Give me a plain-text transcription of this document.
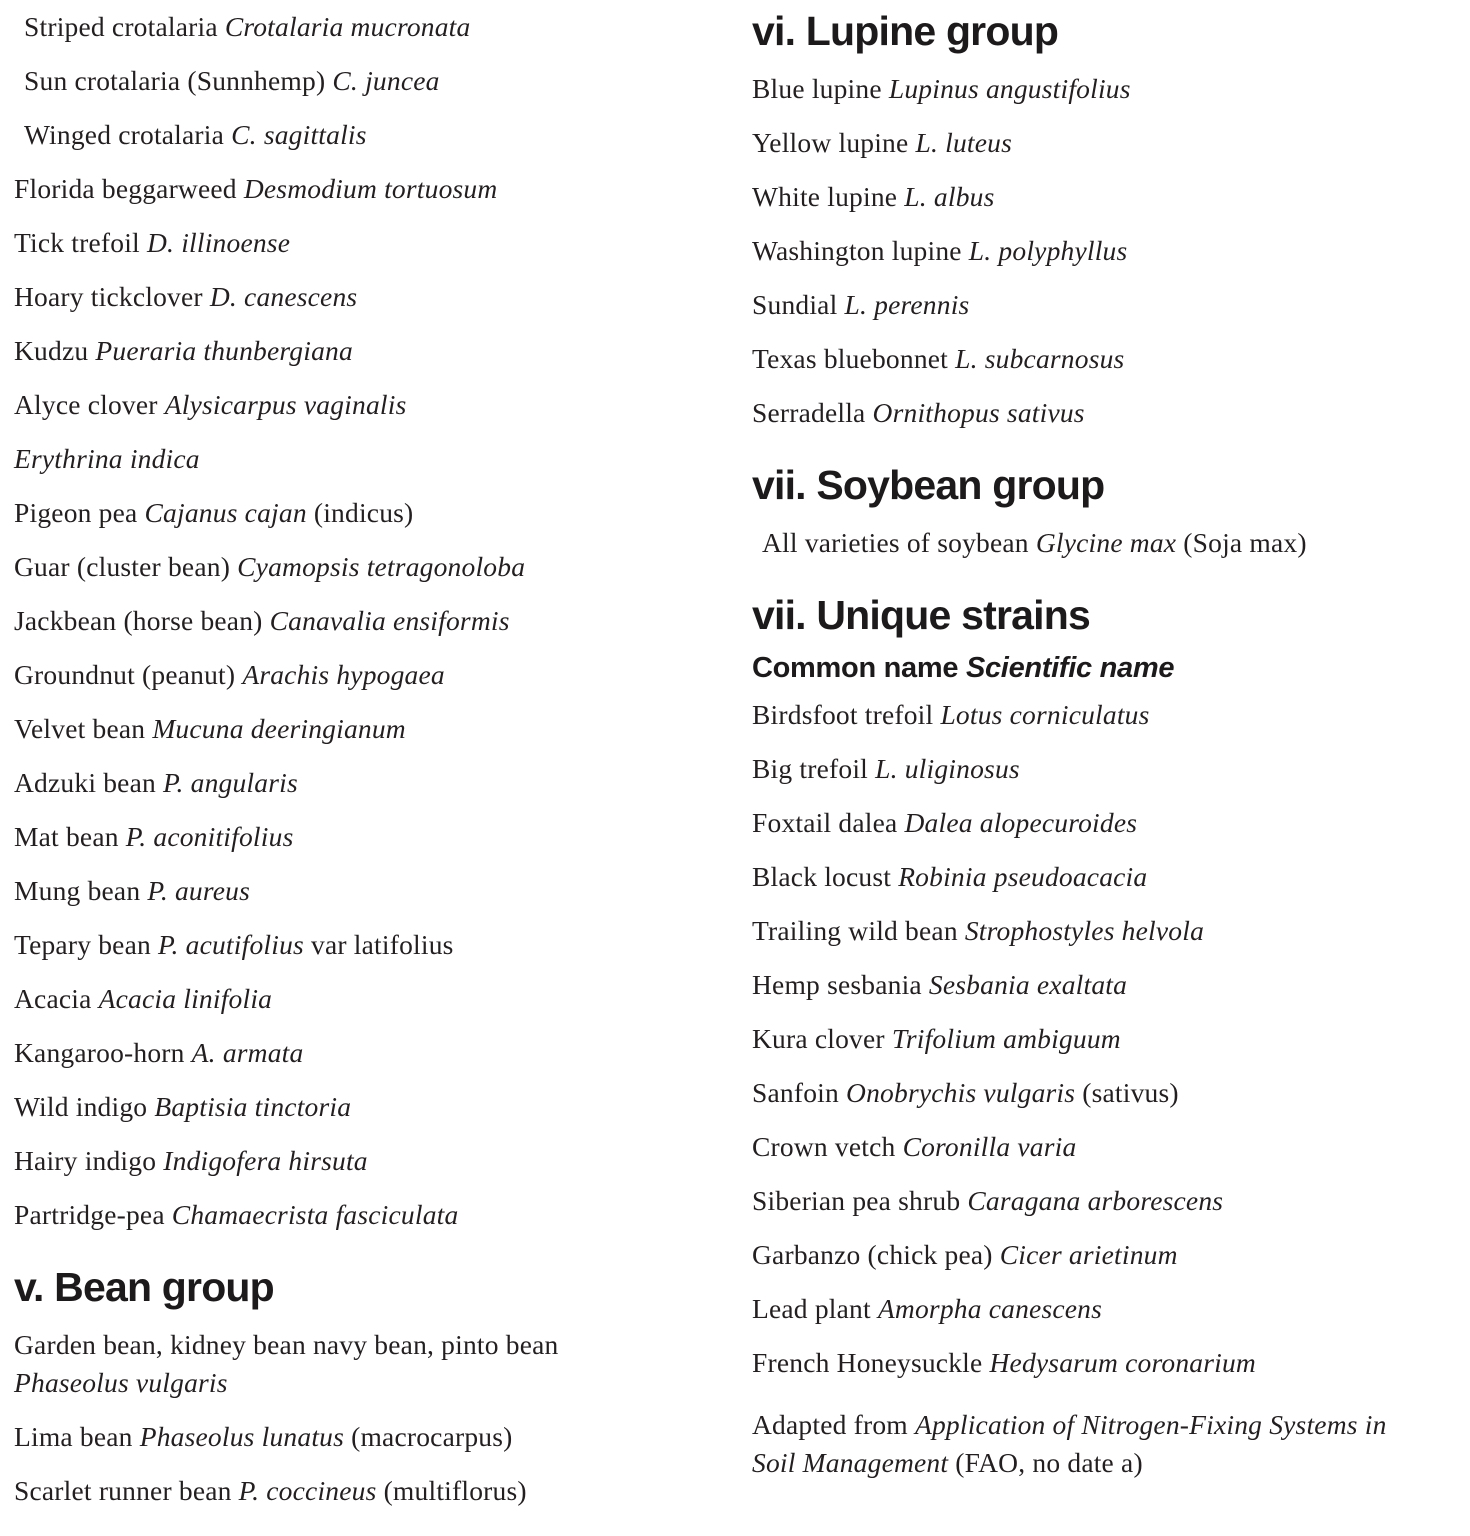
Striped crotalaria Crotalaria mucronata
Sun crotalaria (Sunnhemp) C. juncea
Winged crotalaria C. sagittalis
Florida beggarweed Desmodium tortuosum
Tick trefoil D. illinoense
Hoary tickclover D. canescens
Kudzu Pueraria thunbergiana
Alyce clover Alysicarpus vaginalis
Erythrina indica
Pigeon pea Cajanus cajan (indicus)
Guar (cluster bean) Cyamopsis tetragonoloba
Jackbean (horse bean) Canavalia ensiformis
Groundnut (peanut) Arachis hypogaea
Velvet bean Mucuna deeringianum
Adzuki bean P. angularis
Mat bean P. aconitifolius
Mung bean P. aureus
Tepary bean P. acutifolius var latifolius
Acacia Acacia linifolia
Kangaroo-horn A. armata
Wild indigo Baptisia tinctoria
Hairy indigo Indigofera hirsuta
Partridge-pea Chamaecrista fasciculata
v. Bean group
Garden bean, kidney bean navy bean, pinto bean
Phaseolus vulgaris
Lima bean Phaseolus lunatus (macrocarpus)
Scarlet runner bean P. coccineus (multiflorus)
vi. Lupine group
Blue lupine Lupinus angustifolius
Yellow lupine L. luteus
White lupine L. albus
Washington lupine L. polyphyllus
Sundial L. perennis
Texas bluebonnet L. subcarnosus
Serradella Ornithopus sativus
vii. Soybean group
All varieties of soybean Glycine max (Soja max)
vii. Unique strains
Common name Scientific name
Birdsfoot trefoil Lotus corniculatus
Big trefoil L. uliginosus
Foxtail dalea Dalea alopecuroides
Black locust Robinia pseudoacacia
Trailing wild bean Strophostyles helvola
Hemp sesbania Sesbania exaltata
Kura clover Trifolium ambiguum
Sanfoin Onobrychis vulgaris (sativus)
Crown vetch Coronilla varia
Siberian pea shrub Caragana arborescens
Garbanzo (chick pea) Cicer arietinum
Lead plant Amorpha canescens
French Honeysuckle Hedysarum coronarium
Adapted from Application of Nitrogen-Fixing Systems in Soil Management (FAO, no date a)
